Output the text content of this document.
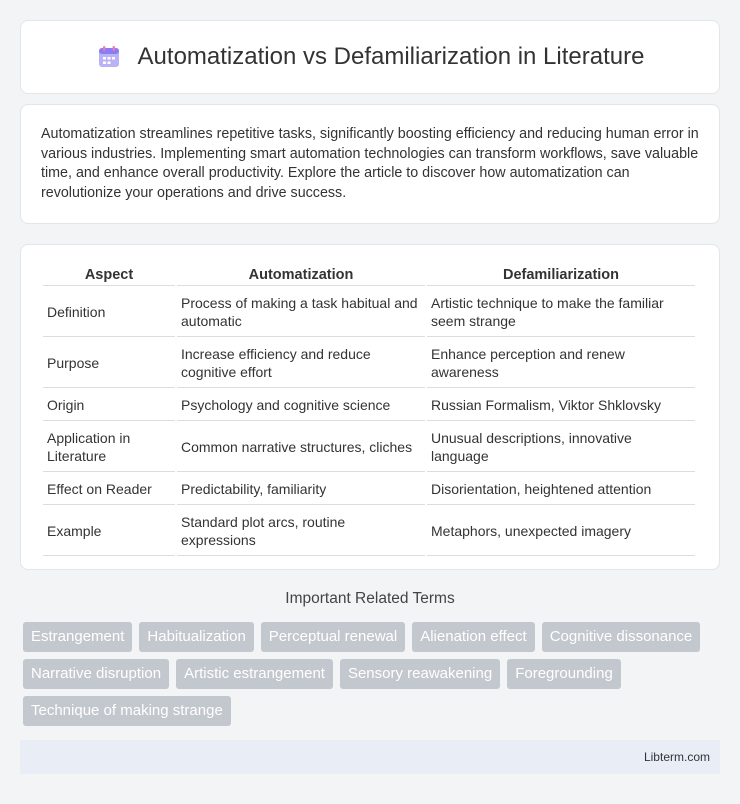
Automatization vs Defamiliarization in Literature

Automatization streamlines repetitive tasks, significantly boosting efficiency and reducing human error in various industries. Implementing smart automation technologies can transform workflows, save valuable time, and enhance overall productivity. Explore the article to discover how automatization can revolutionize your operations and drive success.

Aspect	Automatization	Defamiliarization
Definition	Process of making a task habitual and automatic	Artistic technique to make the familiar seem strange
Purpose	Increase efficiency and reduce cognitive effort	Enhance perception and renew awareness
Origin	Psychology and cognitive science	Russian Formalism, Viktor Shklovsky
Application in Literature	Common narrative structures, cliches	Unusual descriptions, innovative language
Effect on Reader	Predictability, familiarity	Disorientation, heightened attention
Example	Standard plot arcs, routine expressions	Metaphors, unexpected imagery
Important Related Terms
Estrangement	Habitualization	Perceptual renewal	Alienation effect	Cognitive dissonance
Narrative disruption	Artistic estrangement	Sensory reawakening	Foregrounding
Technique of making strange
Libterm.com
